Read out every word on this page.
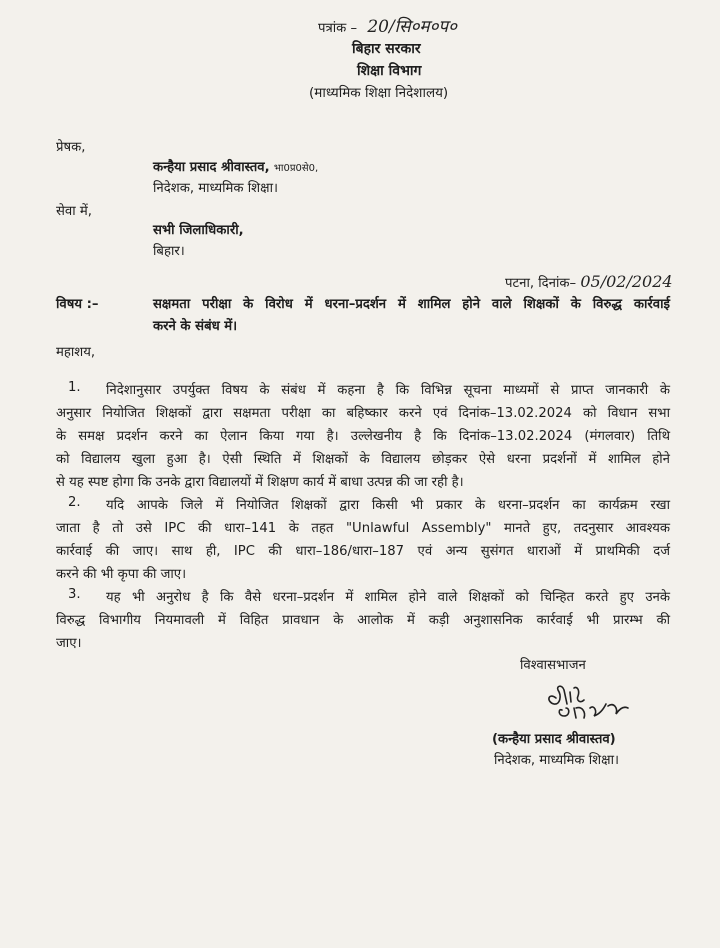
पत्रांक – 20/सि०म०प०
बिहार सरकार
शिक्षा विभाग
(माध्यमिक शिक्षा निदेशालय)
प्रेषक,
कन्हैया प्रसाद श्रीवास्तव, भा0प्र0से0,
निदेशक, माध्यमिक शिक्षा।
सेवा में,
सभी जिलाधिकारी,
बिहार।
पटना, दिनांक– 05/02/2024
विषय :–	सक्षमता परीक्षा के विरोध में धरना–प्रदर्शन में शामिल होने वाले शिक्षकों के विरुद्ध कार्रवाई
करने के संबंध में।
महाशय,
1. निदेशानुसार उपर्युक्त विषय के संबंध में कहना है कि विभिन्न सूचना माध्यमों से प्राप्त जानकारी के
अनुसार नियोजित शिक्षकों द्वारा सक्षमता परीक्षा का बहिष्कार करने एवं दिनांक–13.02.2024 को विधान सभा
के समक्ष प्रदर्शन करने का ऐलान किया गया है। उल्लेखनीय है कि दिनांक–13.02.2024 (मंगलवार) तिथि
को विद्यालय खुला हुआ है। ऐसी स्थिति में शिक्षकों के विद्यालय छोड़कर ऐसे धरना प्रदर्शनों में शामिल होने
से यह स्पष्ट होगा कि उनके द्वारा विद्यालयों में शिक्षण कार्य में बाधा उत्पन्न की जा रही है।
2. यदि आपके जिले में नियोजित शिक्षकों द्वारा किसी भी प्रकार के धरना–प्रदर्शन का कार्यक्रम रखा
जाता है तो उसे IPC की धारा–141 के तहत "Unlawful Assembly" मानते हुए, तदनुसार आवश्यक
कार्रवाई की जाए। साथ ही, IPC की धारा–186/धारा–187 एवं अन्य सुसंगत धाराओं में प्राथमिकी दर्ज
करने की भी कृपा की जाए।
3. यह भी अनुरोध है कि वैसे धरना–प्रदर्शन में शामिल होने वाले शिक्षकों को चिन्हित करते हुए उनके
विरुद्ध विभागीय नियमावली में विहित प्रावधान के आलोक में कड़ी अनुशासनिक कार्रवाई भी प्रारम्भ की
जाए।
विश्वासभाजन
(कन्हैया प्रसाद श्रीवास्तव)
निदेशक, माध्यमिक शिक्षा।
